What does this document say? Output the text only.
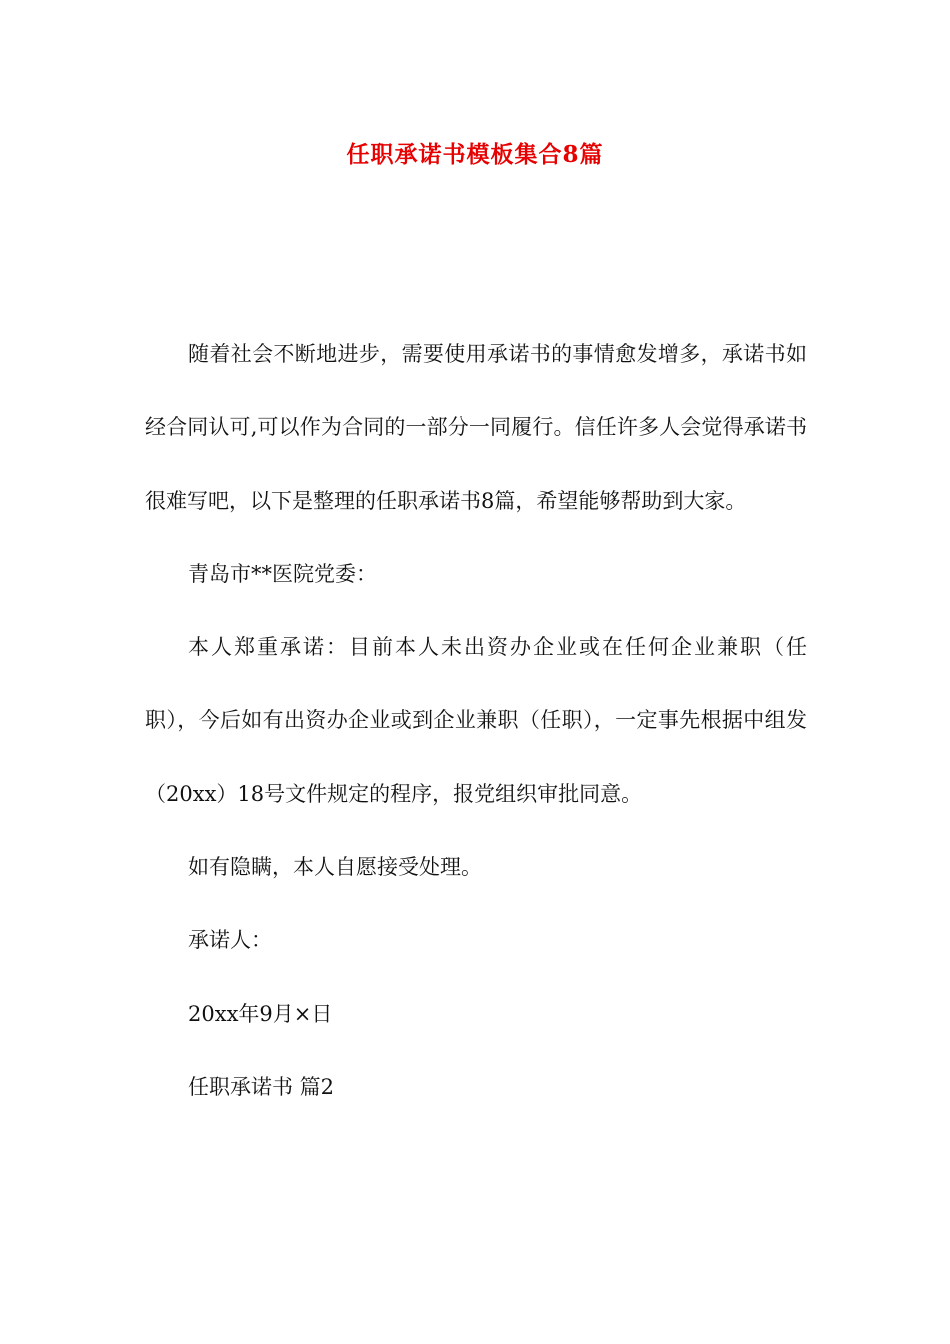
任职承诺书模板集合8篇

随着社会不断地进步，需要使用承诺书的事情愈发增多，承诺书如经合同认可,可以作为合同的一部分一同履行。信任许多人会觉得承诺书很难写吧，以下是整理的任职承诺书8篇，希望能够帮助到大家。

青岛市**医院党委：

本人郑重承诺：目前本人未出资办企业或在任何企业兼职（任职），今后如有出资办企业或到企业兼职（任职），一定事先根据中组发（20xx）18号文件规定的程序，报党组织审批同意。

如有隐瞒，本人自愿接受处理。

承诺人：

20xx年9月×日

任职承诺书 篇2
